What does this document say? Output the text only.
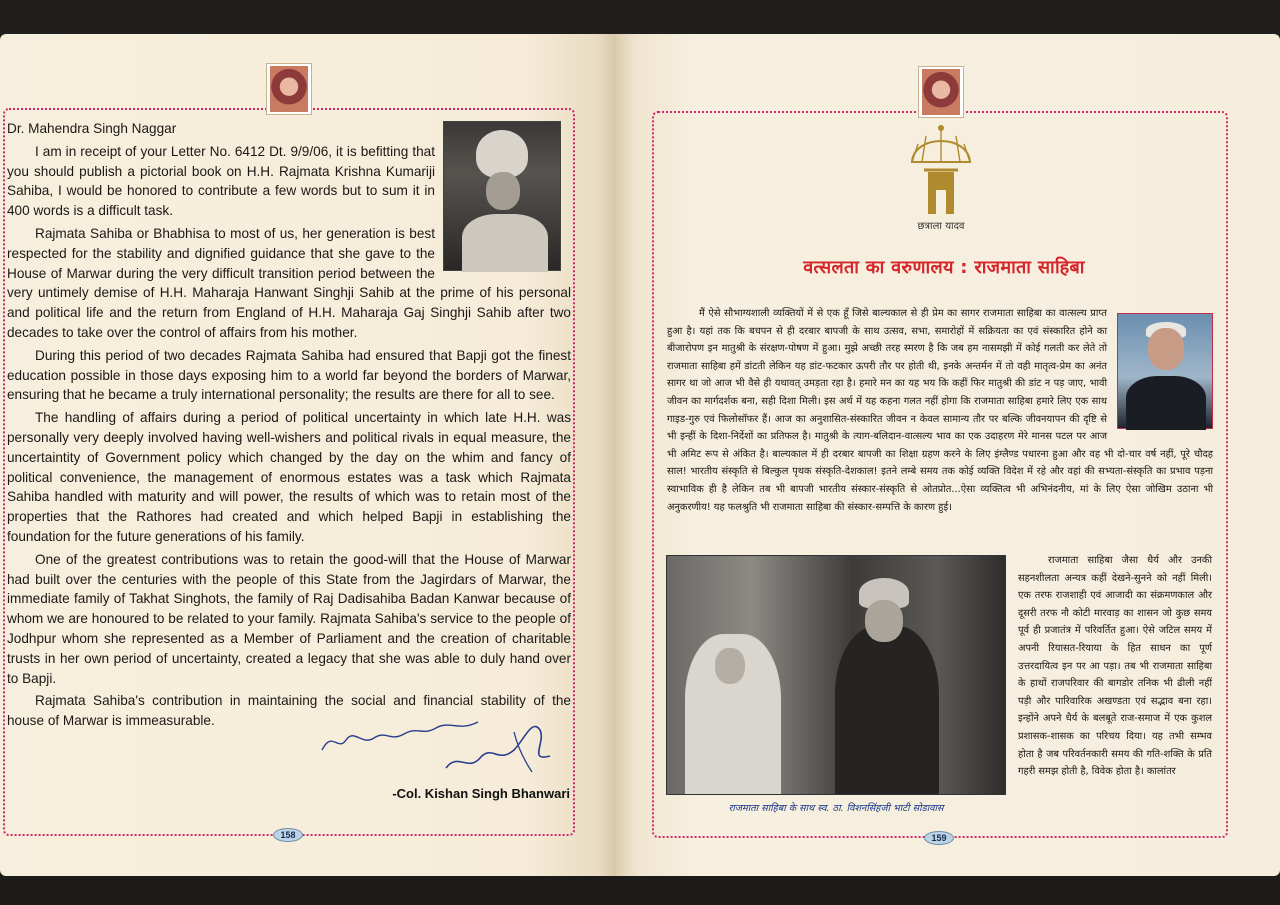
Dr. Mahendra Singh Naggar

I am in receipt of your Letter No. 6412 Dt. 9/9/06, it is befitting that you should publish a pictorial book on H.H. Rajmata Krishna Kumariji Sahiba, I would be honored to contribute a few words but to sum it in 400 words is a difficult task.

Rajmata Sahiba or Bhabhisa to most of us, her generation is best respected for the stability and dignified guidance that she gave to the House of Marwar during the very difficult transition period between the very untimely demise of H.H. Maharaja Hanwant Singhji Sahib at the prime of his personal and political life and the return from England of H.H. Maharaja Gaj Singhji Sahib after two decades to take over the control of affairs from his mother.

During this period of two decades Rajmata Sahiba had ensured that Bapji got the finest education possible in those days exposing him to a world far beyond the borders of Marwar, ensuring that he became a truly international personality; the results are there for all to see.

The handling of affairs during a period of political uncertainty in which late H.H. was personally very deeply involved having well-wishers and political rivals in equal measure, the uncertaintity of Government policy which changed by the day on the whim and fancy of political convenience, the management of enormous estates was a task which Rajmata Sahiba handled with maturity and will power, the results of which was to retain most of the properties that the Rathores had created and which helped Bapji in establishing the foundation for the future generations of his family.

One of the greatest contributions was to retain the good-will that the House of Marwar had built over the centuries with the people of this State from the Jagirdars of Marwar, the immediate family of Takhat Singhots, the family of Raj Dadisahiba Badan Kanwar because of whom we are honoured to be related to your family. Rajmata Sahiba's service to the people of Jodhpur whom she represented as a Member of Parliament and the creation of charitable trusts in her own period of uncertainty, created a legacy that she was able to duly hand over to Bapji.

Rajmata Sahiba's contribution in maintaining the social and financial stability of the house of Marwar is immeasurable.

-Col. Kishan Singh Bhanwari
158
छत्राला यादव
वत्सलता का वरुणालय : राजमाता साहिबा

मैं ऐसे सौभाग्यशाली व्यक्तियों में से एक हूँ जिसे बाल्यकाल से ही प्रेम का सागर राजमाता साहिबा का वात्सल्य प्राप्त हुआ है। यहां तक कि बचपन से ही दरबार बापजी के साथ उत्सव, सभा, समारोहों में सक्रियता का एवं संस्कारित होने का बीजारोपण इन मातुश्री के संरक्षण-पोषण में हुआ। मुझे अच्छी तरह स्मरण है कि जब हम नासमझी में कोई गलती कर लेते तो राजमाता साहिबा हमें डांटती लेकिन यह डांट-फटकार ऊपरी तौर पर होती थी, इनके अन्तर्मन में तो वही मातृत्व-प्रेम का अनंत सागर था जो आज भी वैसे ही यथावत् उमड़ता रहा है। हमारे मन का यह भय कि कहीं फिर मातुश्री की डांट न पड़ जाए, भावी जीवन का मार्गदर्शक बना, सही दिशा मिली। इस अर्थ में यह कहना गलत नहीं होगा कि राजमाता साहिबा हमारे लिए एक साथ गाइड-गुरु एवं फिलोसॉफर हैं। आज का अनुशासित-संस्कारित जीवन न केवल सामान्य तौर पर बल्कि जीवनयापन की दृष्टि से भी इन्हीं के दिशा-निर्देशों का प्रतिफल है। मातुश्री के त्याग-बलिदान-वात्सल्य भाव का एक उदाहरण मेरे मानस पटल पर आज भी अमिट रूप से अंकित है। बाल्यकाल में ही दरबार बापजी का शिक्षा ग्रहण करने के लिए इंग्लैण्ड पधारना हुआ और वह भी दो-चार वर्ष नहीं, पूरे चौदह साल! भारतीय संस्कृति से बिल्कुल पृथक संस्कृति-देशकाल! इतने लम्बे समय तक कोई व्यक्ति विदेश में रहे और वहां की सभ्यता-संस्कृति का प्रभाव पड़ना स्वाभाविक ही है लेकिन तब भी बापजी भारतीय संस्कार-संस्कृति से ओतप्रोत...ऐसा व्यक्तित्व भी अभिनंदनीय, मां के लिए ऐसा जोखिम उठाना भी अनुकरणीय! यह फलश्रुति भी राजमाता साहिबा की संस्कार-सम्पत्ति के कारण हुई।

राजमाता साहिबा के साथ स्व. ठा. विशनसिंहजी भाटी सोडावास

राजमाता साहिबा जैसा धैर्य और उनकी सहनशीलता अन्यत्र कहीं देखने-सुनने को नहीं मिली। एक तरफ राजशाही एवं आजादी का संक्रमणकाल और दूसरी तरफ नौ कोटी मारवाड़ का शासन जो कुछ समय पूर्व ही प्रजातंत्र में परिवर्तित हुआ। ऐसे जटिल समय में अपनी रियासत-रियाया के हित साधन का पूर्ण उत्तरदायित्व इन पर आ पड़ा। तब भी राजमाता साहिबा के हाथों राजपरिवार की बागडोर तनिक भी ढीली नहीं पड़ी और पारिवारिक अखण्डता एवं सद्भाव बना रहा। इन्होंने अपने धैर्य के बलबूते राज-समाज में एक कुशल प्रशासक-शासक का परिचय दिया। यह तभी सम्भव होता है जब परिवर्तनकारी समय की गति-शक्ति के प्रति गहरी समझ होती है, विवेक होता है। कालांतर

159
